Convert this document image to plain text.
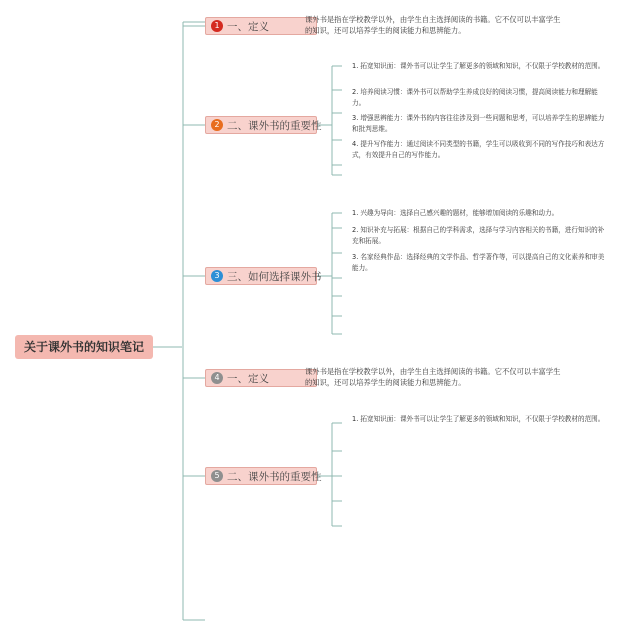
关于课外书的知识笔记
1 一、定义
2 二、课外书的重要性
3 三、如何选择课外书
4 一、定义
5 二、课外书的重要性
课外书是指在学校教学以外，由学生自主选择阅读的书籍。它不仅可以丰富学生的知识，还可以培养学生的阅读能力和思辨能力。
课外书是指在学校教学以外，由学生自主选择阅读的书籍。它不仅可以丰富学生的知识，还可以培养学生的阅读能力和思辨能力。
1. 拓宽知识面：课外书可以让学生了解更多的领域和知识，不仅限于学校教材的范围。
2. 培养阅读习惯：课外书可以帮助学生养成良好的阅读习惯，提高阅读能力和理解能力。
3. 增强思辨能力：课外书的内容往往涉及到一些问题和思考，可以培养学生的思辨能力和批判思维。
4. 提升写作能力：通过阅读不同类型的书籍，学生可以吸收到不同的写作技巧和表达方式，有效提升自己的写作能力。
1. 兴趣为导向：选择自己感兴趣的题材，能够增加阅读的乐趣和动力。
2. 知识补充与拓展：根据自己的学科需求，选择与学习内容相关的书籍，进行知识的补充和拓展。
3. 名家经典作品：选择经典的文学作品、哲学著作等，可以提高自己的文化素养和审美能力。
1. 拓宽知识面：课外书可以让学生了解更多的领域和知识，不仅限于学校教材的范围。
